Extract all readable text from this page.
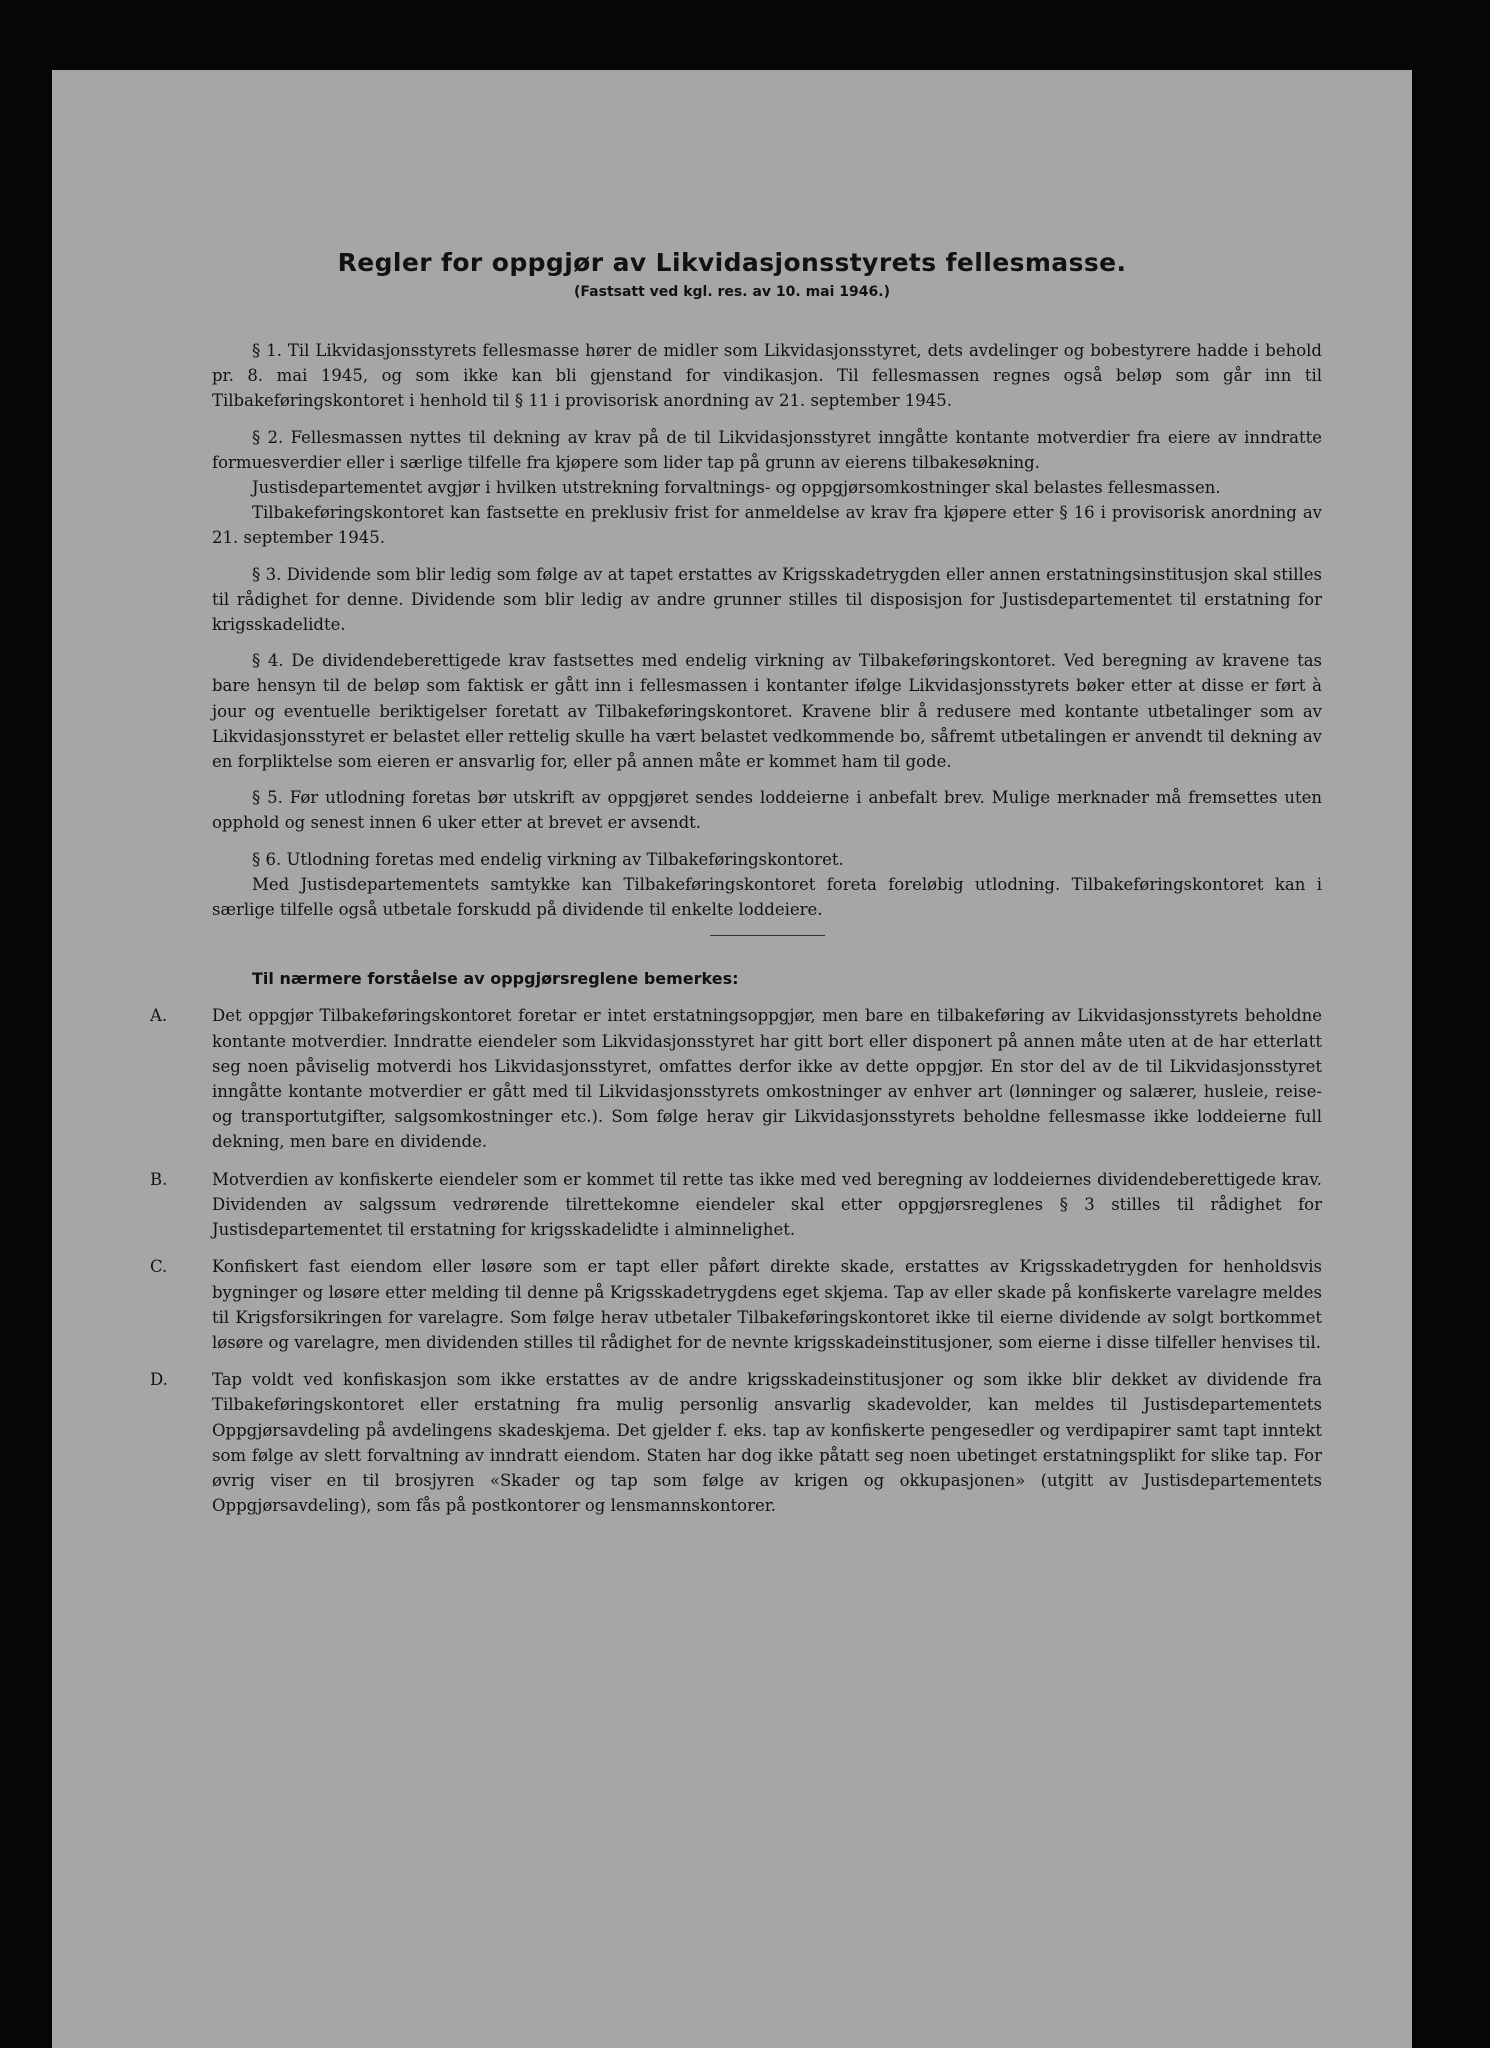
Regler for oppgjør av Likvidasjonsstyrets fellesmasse.
(Fastsatt ved kgl. res. av 10. mai 1946.)

§ 1. Til Likvidasjonsstyrets fellesmasse hører de midler som Likvidasjonsstyret, dets avdelinger og bobestyrere hadde i behold pr. 8. mai 1945, og som ikke kan bli gjenstand for vindikasjon. Til fellesmassen regnes også beløp som går inn til Tilbakeføringskontoret i henhold til § 11 i provisorisk anordning av 21. september 1945.

§ 2. Fellesmassen nyttes til dekning av krav på de til Likvidasjonsstyret inngåtte kontante motverdier fra eiere av inndratte formuesverdier eller i særlige tilfelle fra kjøpere som lider tap på grunn av eierens tilbakesøkning.

Justisdepartementet avgjør i hvilken utstrekning forvaltnings- og oppgjørsomkostninger skal belastes fellesmassen.

Tilbakeføringskontoret kan fastsette en preklusiv frist for anmeldelse av krav fra kjøpere etter § 16 i provisorisk anordning av 21. september 1945.

§ 3. Dividende som blir ledig som følge av at tapet erstattes av Krigsskadetrygden eller annen erstatningsinstitusjon skal stilles til rådighet for denne. Dividende som blir ledig av andre grunner stilles til disposisjon for Justisdepartementet til erstatning for krigsskadelidte.

§ 4. De dividendeberettigede krav fastsettes med endelig virkning av Tilbakeføringskontoret. Ved beregning av kravene tas bare hensyn til de beløp som faktisk er gått inn i fellesmassen i kontanter ifølge Likvidasjonsstyrets bøker etter at disse er ført à jour og eventuelle beriktigelser foretatt av Tilbakeføringskontoret. Kravene blir å redusere med kontante utbetalinger som av Likvidasjonsstyret er belastet eller rettelig skulle ha vært belastet vedkommende bo, såfremt utbetalingen er anvendt til dekning av en forpliktelse som eieren er ansvarlig for, eller på annen måte er kommet ham til gode.

§ 5. Før utlodning foretas bør utskrift av oppgjøret sendes loddeierne i anbefalt brev. Mulige merknader må fremsettes uten opphold og senest innen 6 uker etter at brevet er avsendt.

§ 6. Utlodning foretas med endelig virkning av Tilbakeføringskontoret.

Med Justisdepartementets samtykke kan Tilbakeføringskontoret foreta foreløbig utlodning. Tilbakeføringskontoret kan i særlige tilfelle også utbetale forskudd på dividende til enkelte loddeiere.

Til nærmere forståelse av oppgjørsreglene bemerkes:
A.	Det oppgjør Tilbakeføringskontoret foretar er intet erstatningsoppgjør, men bare en tilbakeføring av Likvidasjonsstyrets beholdne kontante motverdier. Inndratte eiendeler som Likvidasjonsstyret har gitt bort eller disponert på annen måte uten at de har etterlatt seg noen påviselig motverdi hos Likvidasjonsstyret, omfattes derfor ikke av dette oppgjør. En stor del av de til Likvidasjonsstyret inngåtte kontante motverdier er gått med til Likvidasjonsstyrets omkostninger av enhver art (lønninger og salærer, husleie, reise- og transportutgifter, salgsomkostninger etc.). Som følge herav gir Likvidasjonsstyrets beholdne fellesmasse ikke loddeierne full dekning, men bare en dividende.

B.	Motverdien av konfiskerte eiendeler som er kommet til rette tas ikke med ved beregning av loddeiernes dividendeberettigede krav. Dividenden av salgssum vedrørende tilrettekomne eiendeler skal etter oppgjørsreglenes § 3 stilles til rådighet for Justisdepartementet til erstatning for krigsskadelidte i alminnelighet.

C.	Konfiskert fast eiendom eller løsøre som er tapt eller påført direkte skade, erstattes av Krigsskadetrygden for henholdsvis bygninger og løsøre etter melding til denne på Krigsskadetrygdens eget skjema. Tap av eller skade på konfiskerte varelagre meldes til Krigsforsikringen for varelagre. Som følge herav utbetaler Tilbakeføringskontoret ikke til eierne dividende av solgt bortkommet løsøre og varelagre, men dividenden stilles til rådighet for de nevnte krigsskadeinstitusjoner, som eierne i disse tilfeller henvises til.

D.	Tap voldt ved konfiskasjon som ikke erstattes av de andre krigsskadeinstitusjoner og som ikke blir dekket av dividende fra Tilbakeføringskontoret eller erstatning fra mulig personlig ansvarlig skadevolder, kan meldes til Justisdepartementets Oppgjørsavdeling på avdelingens skadeskjema. Det gjelder f. eks. tap av konfiskerte pengesedler og verdipapirer samt tapt inntekt som følge av slett forvaltning av inndratt eiendom. Staten har dog ikke påtatt seg noen ubetinget erstatningsplikt for slike tap. For øvrig viser en til brosjyren «Skader og tap som følge av krigen og okkupasjonen» (utgitt av Justisdepartementets Oppgjørsavdeling), som fås på postkontorer og lensmannskontorer.
